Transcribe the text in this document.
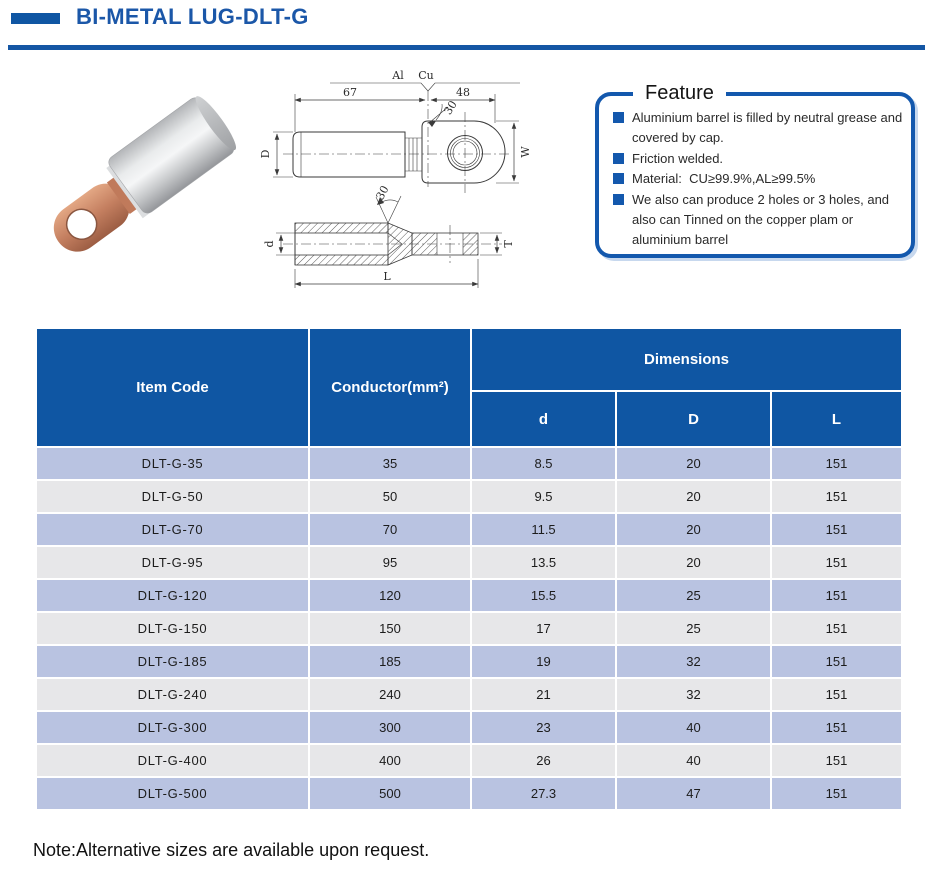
BI-METAL LUG-DLT-G
Al Cu
67	48
D	W
30
d	T
L
30
Feature
Aluminium barrel is filled by neutral grease and covered by cap.
Friction welded.
Material:  CU≥99.9%,AL≥99.5%
We also can produce 2 holes or 3 holes, and also can Tinned on the copper plam or aluminium barrel
Item Code	Conductor(mm²)	Dimensions		
		d	D	L
DLT-G-35	35	8.5	20	151
DLT-G-50	50	9.5	20	151
DLT-G-70	70	11.5	20	151
DLT-G-95	95	13.5	20	151
DLT-G-120	120	15.5	25	151
DLT-G-150	150	17	25	151
DLT-G-185	185	19	32	151
DLT-G-240	240	21	32	151
DLT-G-300	300	23	40	151
DLT-G-400	400	26	40	151
DLT-G-500	500	27.3	47	151
Note:Alternative sizes are available upon request.
